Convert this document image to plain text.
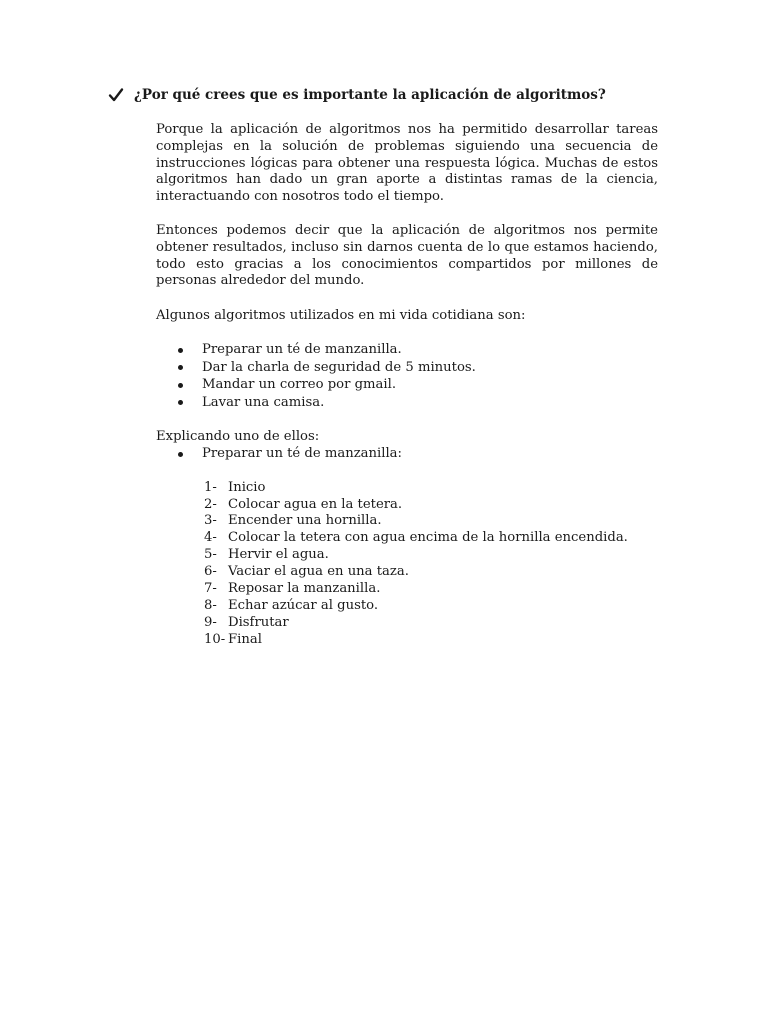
¿Por qué crees que es importante la aplicación de algoritmos?

Porque la aplicación de algoritmos nos ha permitido desarrollar tareas complejas en la solución de problemas siguiendo una secuencia de instrucciones lógicas para obtener una respuesta lógica. Muchas de estos algoritmos han dado un gran aporte a distintas ramas de la ciencia, interactuando con nosotros todo el tiempo.

Entonces podemos decir que la aplicación de algoritmos nos permite obtener resultados, incluso sin darnos cuenta de lo que estamos haciendo, todo esto gracias a los conocimientos compartidos por millones de personas alrededor del mundo.

Algunos algoritmos utilizados en mi vida cotidiana son:

Preparar un té de manzanilla.
Dar la charla de seguridad de 5 minutos.
Mandar un correo por gmail.
Lavar una camisa.

Explicando uno de ellos:

Preparar un té de manzanilla:
1- Inicio
2- Colocar agua en la tetera.
3- Encender una hornilla.
4- Colocar la tetera con agua encima de la hornilla encendida.
5- Hervir el agua.
6- Vaciar el agua en una taza.
7- Reposar la manzanilla.
8- Echar azúcar al gusto.
9- Disfrutar
10- Final
